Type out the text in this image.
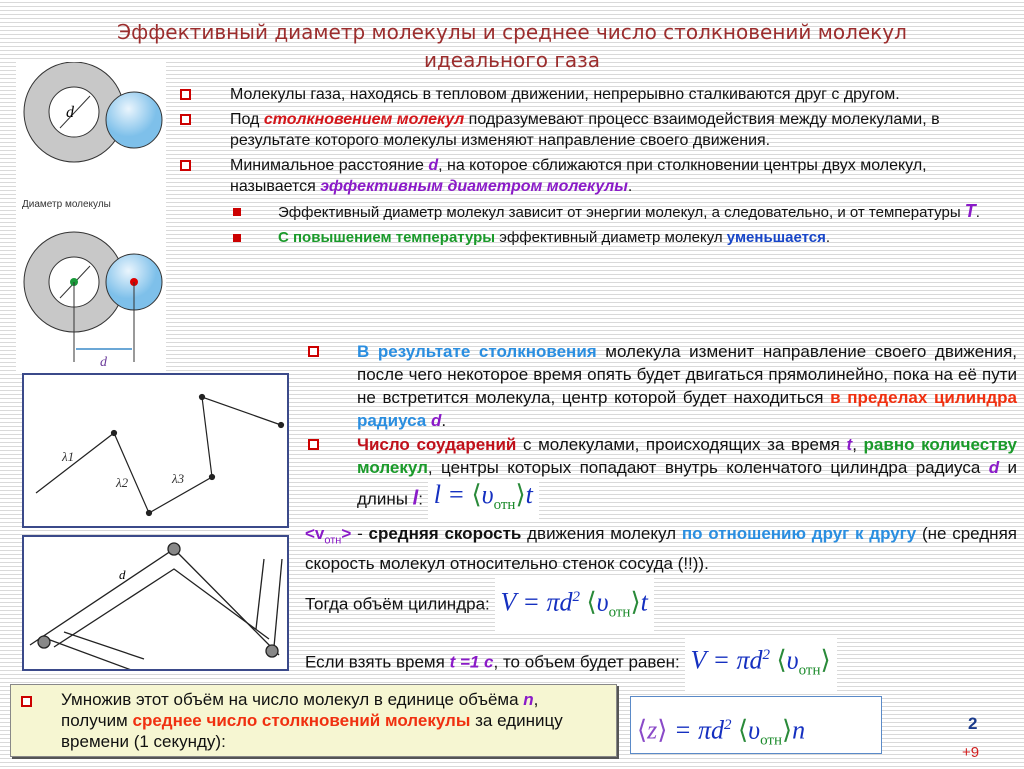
Эффективный диаметр молекулы и среднее число столкновений молекул
идеального газа
d
Диаметр молекулы
d
Молекулы газа, находясь в тепловом движении, непрерывно сталкиваются друг с другом.
Под столкновением молекул подразумевают процесс взаимодействия между молекулами, в результате которого молекулы изменяют направление своего движения.
Минимальное расстояние d, на которое сближаются при столкновении центры двух молекул, называется эффективным диаметром молекулы.
Эффективный диаметр молекул зависит от энергии молекул, а следовательно, и от температуры T.
С повышением температуры эффективный диаметр молекул уменьшается.
λ1
λ2	λ3
d
В результате столкновения молекула изменит направление своего движения, после чего некоторое время опять будет двигаться прямолинейно, пока на её пути не встретится молекула, центр которой будет находиться в пределах цилиндра радиуса d.
Число соударений с молекулами, происходящих за время t, равно количеству молекул, центры которых попадают внутрь коленчатого цилиндра радиуса d и длины l: $l = ⟨\upsilon_{отн}⟩t$
$<v_{отн}>$ - средняя скорость движения молекул по отношению друг к другу (не средняя скорость молекул относительно стенок сосуда (!!)).
Тогда объём цилиндра: $V = \pi d^2$ $⟨\upsilon_{отн}⟩t$
Если взять время t =1 с, то объем будет равен: $V = \pi d^2$ $⟨\upsilon_{отн}⟩$
Умножив этот объём на число молекул в единице объёма n, получим среднее число столкновений молекулы за единицу времени (1 секунду):	⟨z⟩ = $\pi d^2$ $⟨\upsilon_{отн}⟩n$	2
+9
